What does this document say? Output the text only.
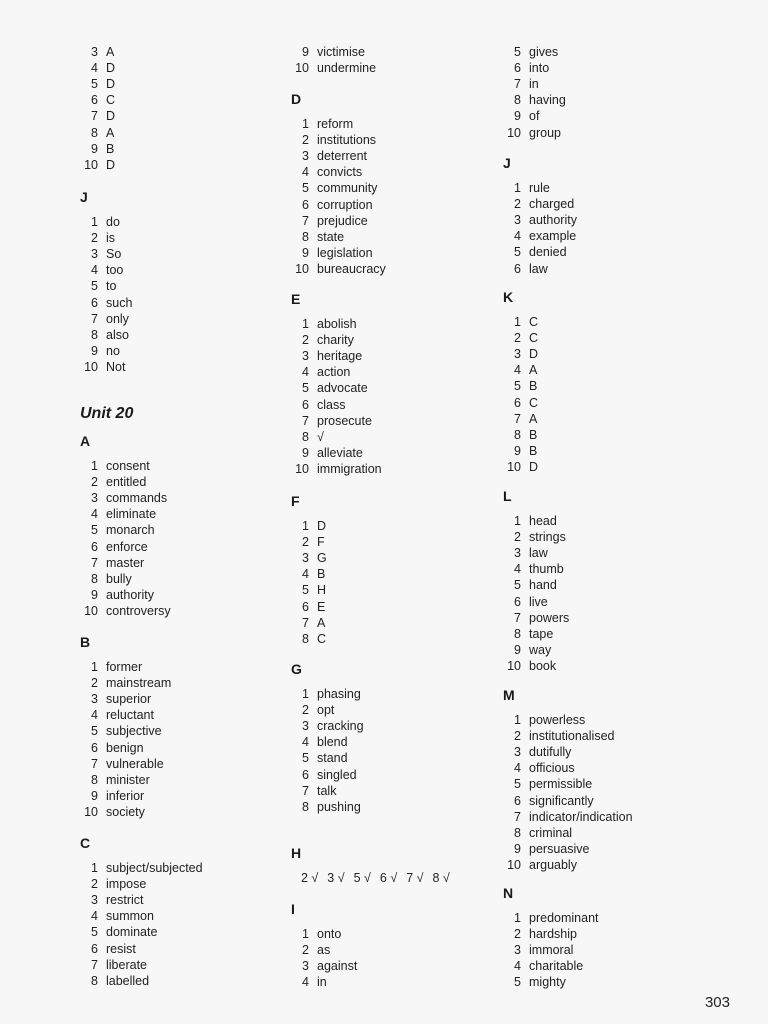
3 A
4 D
5 D
6 C
7 D
8 A
9 B
10 D
J
1 do
2 is
3 So
4 too
5 to
6 such
7 only
8 also
9 no
10 Not
Unit 20
A
1 consent
2 entitled
3 commands
4 eliminate
5 monarch
6 enforce
7 master
8 bully
9 authority
10 controversy
B
1 former
2 mainstream
3 superior
4 reluctant
5 subjective
6 benign
7 vulnerable
8 minister
9 inferior
10 society
C
1 subject/subjected
2 impose
3 restrict
4 summon
5 dominate
6 resist
7 liberate
8 labelled
9 victimise
10 undermine
D
1 reform
2 institutions
3 deterrent
4 convicts
5 community
6 corruption
7 prejudice
8 state
9 legislation
10 bureaucracy
E
1 abolish
2 charity
3 heritage
4 action
5 advocate
6 class
7 prosecute
8 √
9 alleviate
10 immigration
F
1 D
2 F
3 G
4 B
5 H
6 E
7 A
8 C
G
1 phasing
2 opt
3 cracking
4 blend
5 stand
6 singled
7 talk
8 pushing
H
2 √ 3 √ 5 √ 6 √ 7 √ 8 √
I
1 onto
2 as
3 against
4 in
5 gives
6 into
7 in
8 having
9 of
10 group
J
1 rule
2 charged
3 authority
4 example
5 denied
6 law
K
1 C
2 C
3 D
4 A
5 B
6 C
7 A
8 B
9 B
10 D
L
1 head
2 strings
3 law
4 thumb
5 hand
6 live
7 powers
8 tape
9 way
10 book
M
1 powerless
2 institutionalised
3 dutifully
4 officious
5 permissible
6 significantly
7 indicator/indication
8 criminal
9 persuasive
10 arguably
N
1 predominant
2 hardship
3 immoral
4 charitable
5 mighty
303
